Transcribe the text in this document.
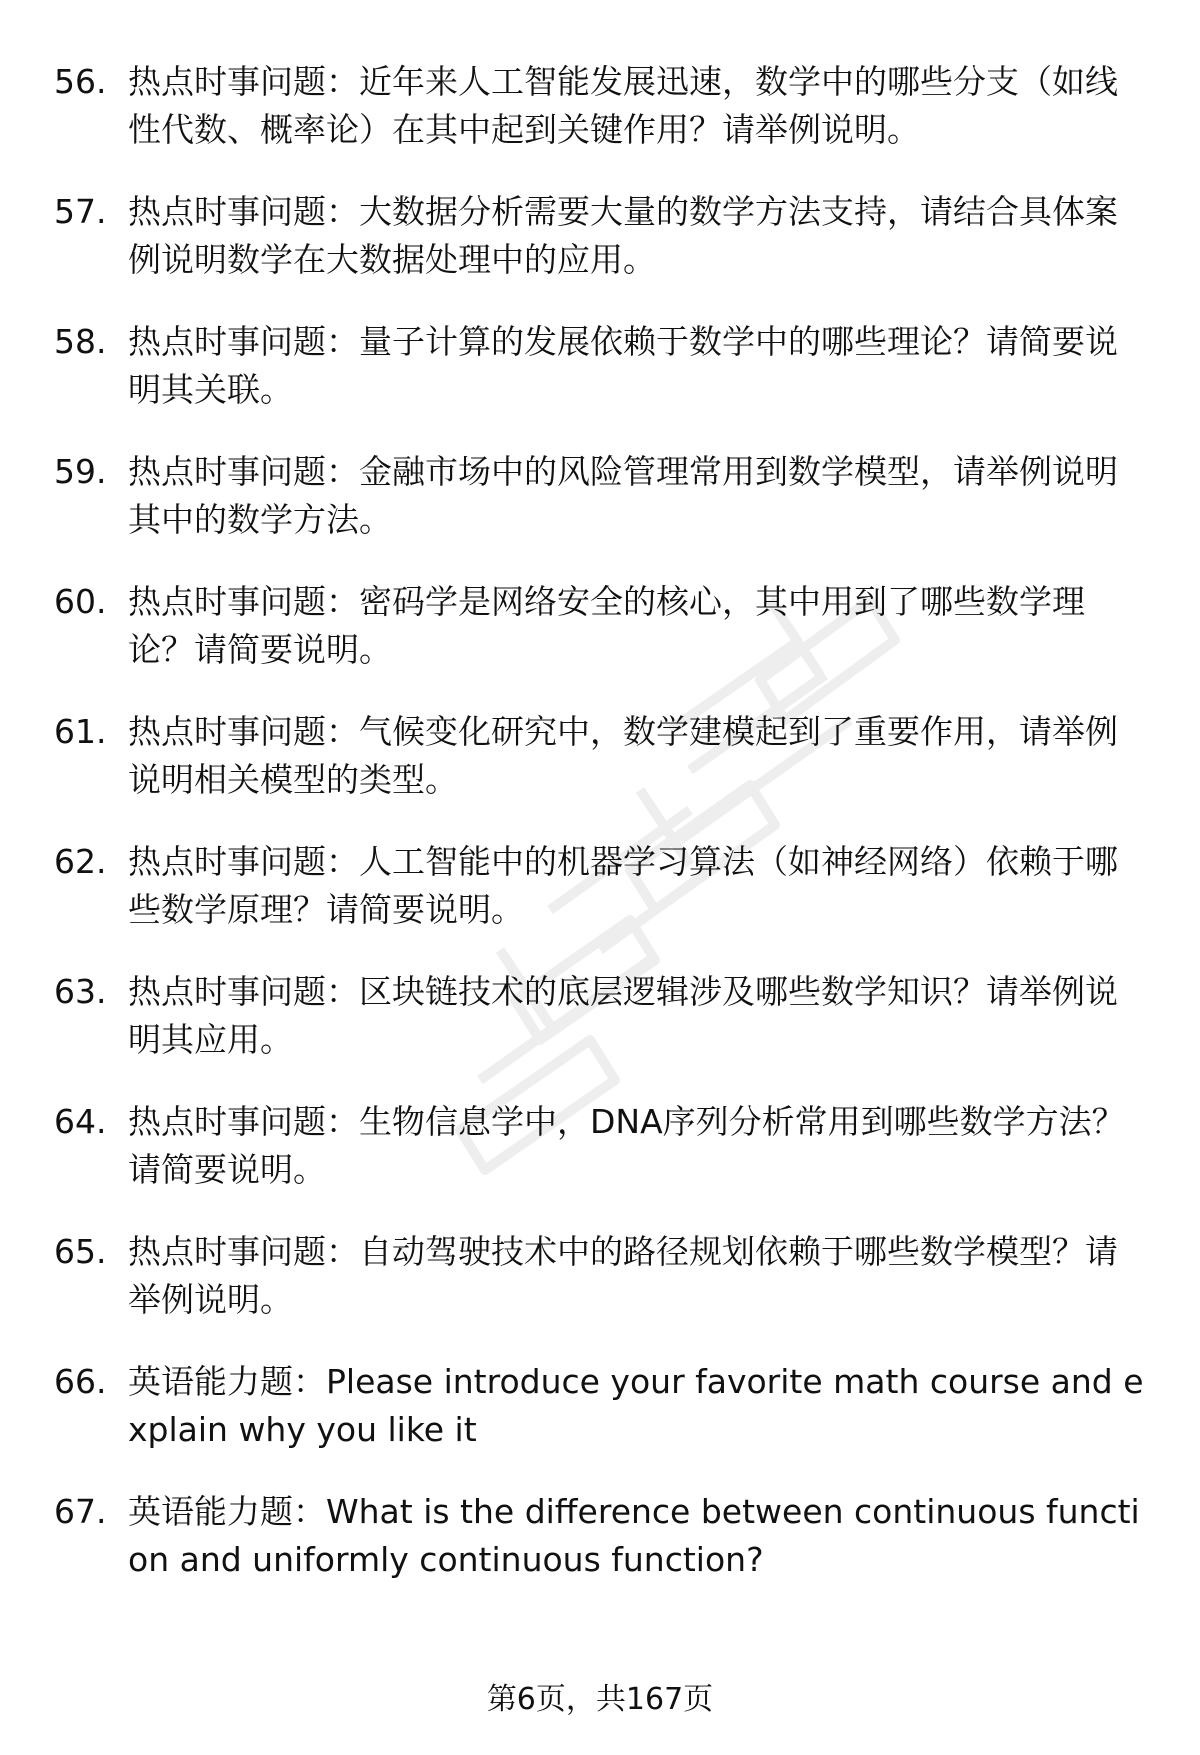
56. 热点时事问题：近年来人工智能发展迅速，数学中的哪些分支（如线性代数、概率论）在其中起到关键作用？请举例说明。
57. 热点时事问题：大数据分析需要大量的数学方法支持，请结合具体案例说明数学在大数据处理中的应用。
58. 热点时事问题：量子计算的发展依赖于数学中的哪些理论？请简要说明其关联。
59. 热点时事问题：金融市场中的风险管理常用到数学模型，请举例说明其中的数学方法。
60. 热点时事问题：密码学是网络安全的核心，其中用到了哪些数学理论？请简要说明。
61. 热点时事问题：气候变化研究中，数学建模起到了重要作用，请举例说明相关模型的类型。
62. 热点时事问题：人工智能中的机器学习算法（如神经网络）依赖于哪些数学原理？请简要说明。
63. 热点时事问题：区块链技术的底层逻辑涉及哪些数学知识？请举例说明其应用。
64. 热点时事问题：生物信息学中，DNA序列分析常用到哪些数学方法？请简要说明。
65. 热点时事问题：自动驾驶技术中的路径规划依赖于哪些数学模型？请举例说明。
66. 英语能力题：Please introduce your favorite math course and explain why you like it
67. 英语能力题：What is the difference between continuous function and uniformly continuous function?
第6页，共167页
